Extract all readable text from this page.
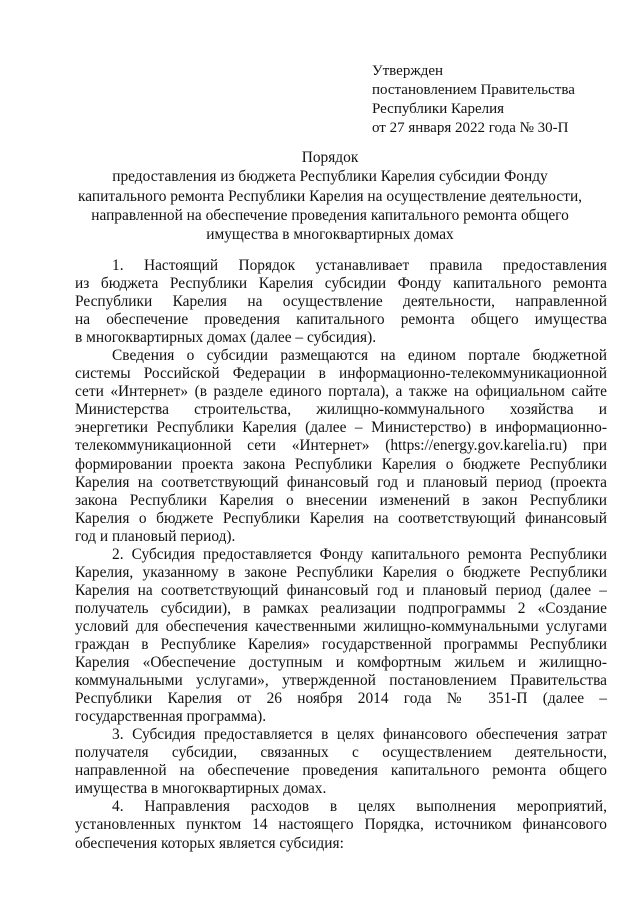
Утвержден
постановлением Правительства
Республики Карелия
от 27 января 2022 года № 30-П
Порядок
предоставления из бюджета Республики Карелия субсидии Фонду
капитального ремонта Республики Карелия на осуществление деятельности,
направленной на обеспечение проведения капитального ремонта общего
имущества в многоквартирных домах
1. Настоящий Порядок устанавливает правила предоставления
из бюджета Республики Карелия субсидии Фонду капитального ремонта
Республики Карелия на осуществление деятельности, направленной
на обеспечение проведения капитального ремонта общего имущества
в многоквартирных домах (далее – субсидия).
Сведения о субсидии размещаются на едином портале бюджетной
системы Российской Федерации в информационно-телекоммуникационной
сети «Интернет» (в разделе единого портала), а также на официальном сайте
Министерства строительства, жилищно-коммунального хозяйства и
энергетики Республики Карелия (далее – Министерство) в информационно-
телекоммуникационной сети «Интернет» (https://energy.gov.karelia.ru) при
формировании проекта закона Республики Карелия о бюджете Республики
Карелия на соответствующий финансовый год и плановый период (проекта
закона Республики Карелия о внесении изменений в закон Республики
Карелия о бюджете Республики Карелия на соответствующий финансовый
год и плановый период).
2. Субсидия предоставляется Фонду капитального ремонта Республики
Карелия, указанному в законе Республики Карелия о бюджете Республики
Карелия на соответствующий финансовый год и плановый период (далее –
получатель субсидии), в рамках реализации подпрограммы 2 «Создание
условий для обеспечения качественными жилищно-коммунальными услугами
граждан в Республике Карелия» государственной программы Республики
Карелия «Обеспечение доступным и комфортным жильем и жилищно-
коммунальными услугами», утвержденной постановлением Правительства
Республики Карелия от 26 ноября 2014 года № 351-П (далее –
государственная программа).
3. Субсидия предоставляется в целях финансового обеспечения затрат
получателя субсидии, связанных с осуществлением деятельности,
направленной на обеспечение проведения капитального ремонта общего
имущества в многоквартирных домах.
4. Направления расходов в целях выполнения мероприятий,
установленных пунктом 14 настоящего Порядка, источником финансового
обеспечения которых является субсидия:
